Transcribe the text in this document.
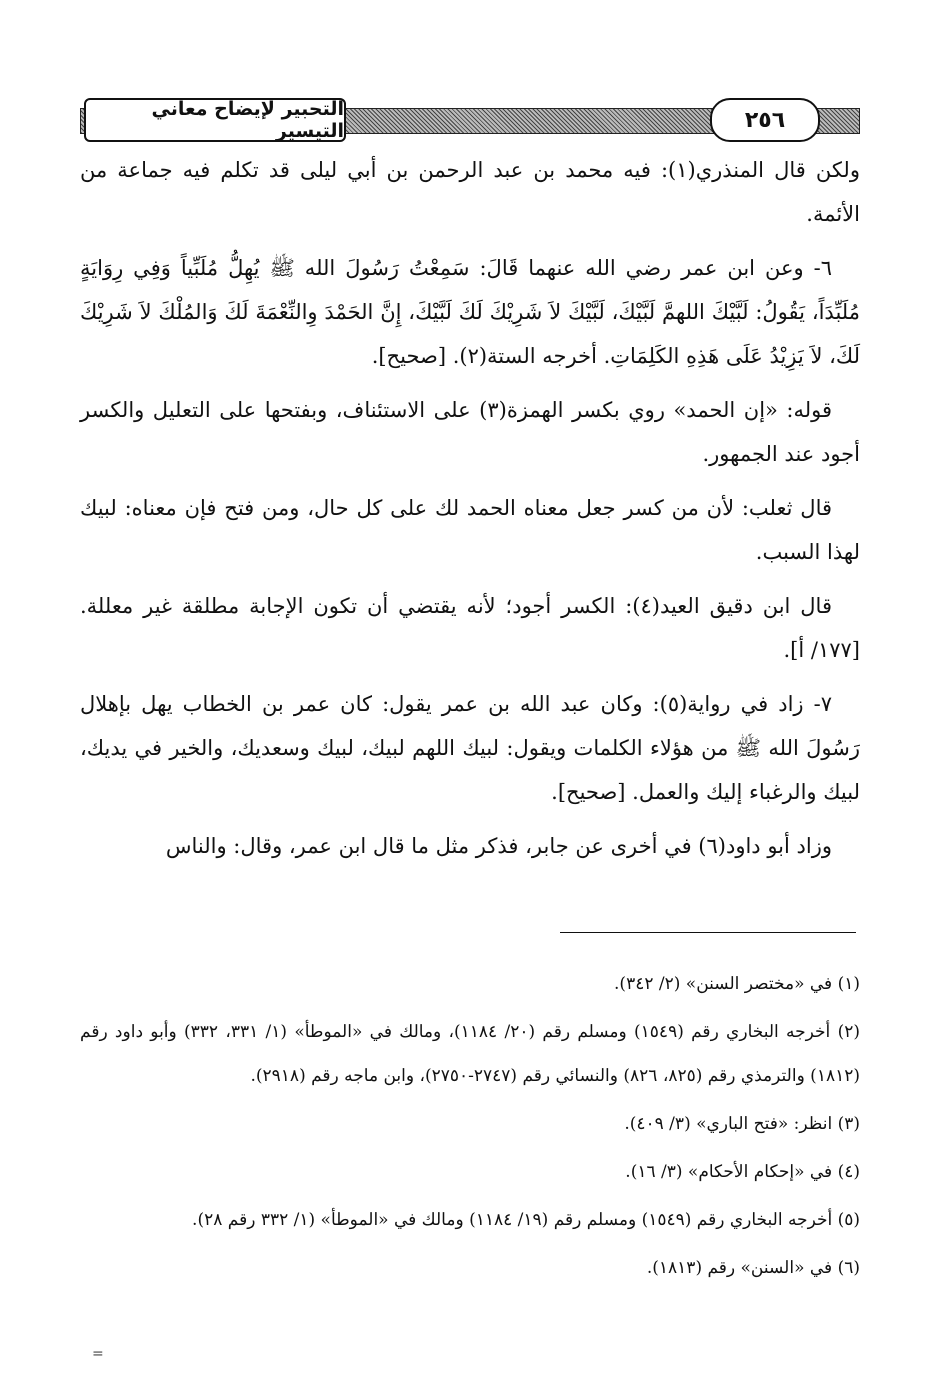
التحبير لإيضاح معاني التيسير	٢٥٦

ولكن قال المنذري(١): فيه محمد بن عبد الرحمن بن أبي ليلى قد تكلم فيه جماعة من الأئمة.

٦- وعن ابن عمر رضي الله عنهما قَالَ: سَمِعْتُ رَسُولَ الله ﷺ يُهِلُّ مُلَبِّياً وَفِي رِوَايَةٍ مُلَبِّدَاً، يَقُولُ: لَبَّيْكَ اللهمَّ لَبَّيْكَ، لَبَّيْكَ لاَ شَرِيْكَ لَكَ لَبَّيْكَ، إِنَّ الحَمْدَ وِالنِّعْمَةَ لَكَ وَالمُلْكَ لاَ شَرِيْكَ لَكَ، لاَ يَزِيْدُ عَلَى هَذِهِ الكَلِمَاتِ. أخرجه الستة(٢). [صحيح].

قوله: «إن الحمد» روي بكسر الهمزة(٣) على الاستئناف، وبفتحها على التعليل والكسر أجود عند الجمهور.

قال ثعلب: لأن من كسر جعل معناه الحمد لك على كل حال، ومن فتح فإن معناه: لبيك لهذا السبب.

قال ابن دقيق العيد(٤): الكسر أجود؛ لأنه يقتضي أن تكون الإجابة مطلقة غير معللة. [١٧٧/ أ].

٧- زاد في رواية(٥): وكان عبد الله بن عمر يقول: كان عمر بن الخطاب يهل بإهلال رَسُولَ الله ﷺ من هؤلاء الكلمات ويقول: لبيك اللهم لبيك، لبيك وسعديك، والخير في يديك، لبيك والرغباء إليك والعمل. [صحيح].

وزاد أبو داود(٦) في أخرى عن جابر، فذكر مثل ما قال ابن عمر، وقال: والناس

(١) في «مختصر السنن» (٢/ ٣٤٢).

(٢) أخرجه البخاري رقم (١٥٤٩) ومسلم رقم (٢٠/ ١١٨٤)، ومالك في «الموطأ» (١/ ٣٣١، ٣٣٢) وأبو داود رقم (١٨١٢) والترمذي رقم (٨٢٥، ٨٢٦) والنسائي رقم (٢٧٤٧-٢٧٥٠)، وابن ماجه رقم (٢٩١٨).

(٣) انظر: «فتح الباري» (٣/ ٤٠٩).

(٤) في «إحكام الأحكام» (٣/ ١٦).

(٥) أخرجه البخاري رقم (١٥٤٩) ومسلم رقم (١٩/ ١١٨٤) ومالك في «الموطأ» (١/ ٣٣٢ رقم ٢٨).

(٦) في «السنن» رقم (١٨١٣).

=
